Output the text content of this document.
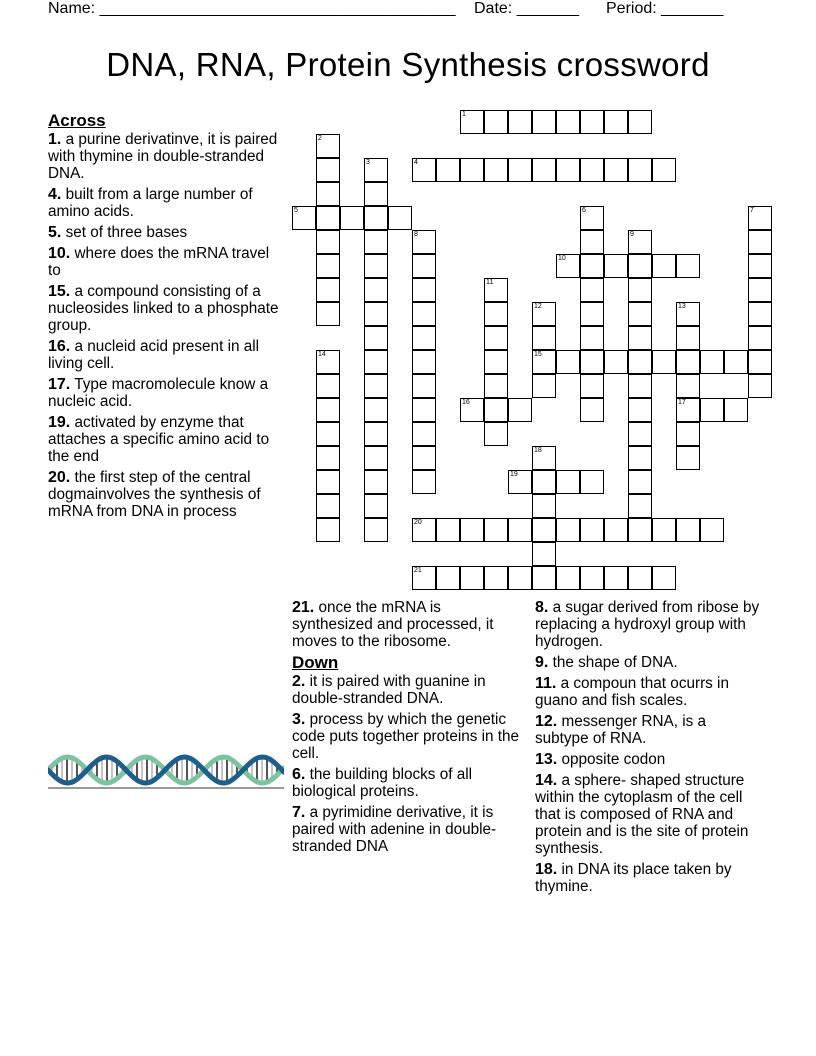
Name: ________________________________________ Date: _______ Period: _______
DNA, RNA, Protein Synthesis crossword
Across
1. a purine derivatinve, it is paired with thymine in double-stranded DNA.
4. built from a large number of amino acids.
5. set of three bases
10. where does the mRNA travel to
15. a compound consisting of a nucleosides linked to a phosphate group.
16. a nucleid acid present in all living cell.
17. Type macromolecule know a nucleic acid.
19. activated by enzyme that attaches a specific amino acid to the end
20. the first step of the central dogmainvolves the synthesis of mRNA from DNA in process
21. once the mRNA is synthesized and processed, it moves to the ribosome.
Down
2. it is paired with guanine in double-stranded DNA.
3. process by which the genetic code puts together proteins in the cell.
6. the building blocks of all biological proteins.
7. a pyrimidine derivative, it is paired with adenine in double-stranded DNA
8. a sugar derived from ribose by replacing a hydroxyl group with hydrogen.
9. the shape of DNA.
11. a compoun that ocurrs in guano and fish scales.
12. messenger RNA, is a subtype of RNA.
13. opposite codon
14. a sphere- shaped structure within the cytoplasm of the cell that is composed of RNA and protein and is the site of protein synthesis.
18. in DNA its place taken by thymine.
1
2
3	4
5	6	7
8	9
10
11
12
15
13
17
14
16
18
19
20
21
